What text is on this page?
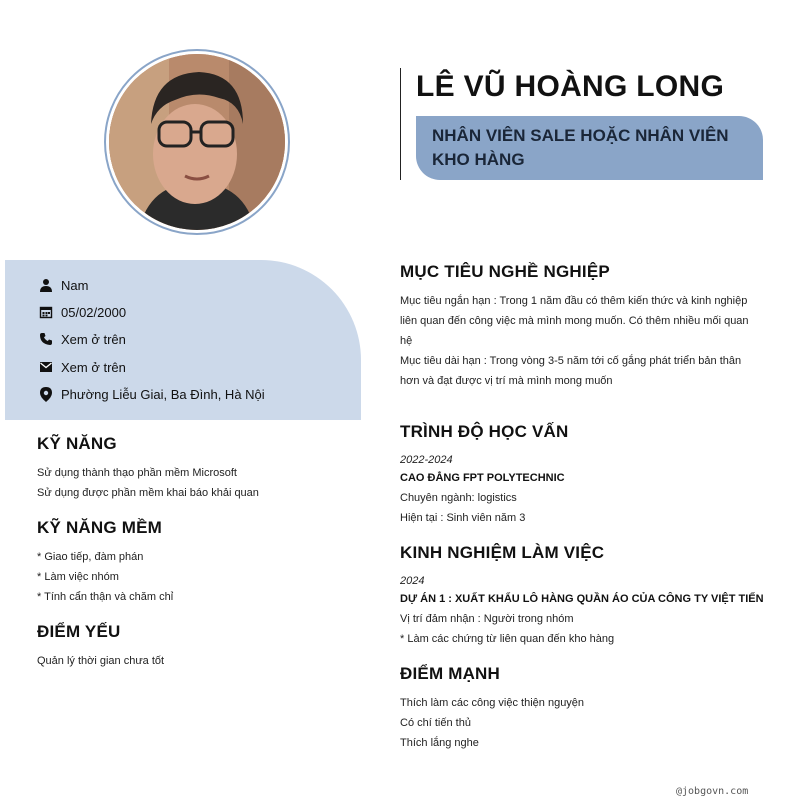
LÊ VŨ HOÀNG LONG
NHÂN VIÊN SALE HOẶC NHÂN VIÊN
KHO HÀNG
Nam
05/02/2000
Xem ở trên
Xem ở trên
Phường Liễu Giai, Ba Đình, Hà Nội
KỸ NĂNG
Sử dụng thành thạo phần mềm Microsoft
Sử dụng được phần mềm khai báo khải quan
KỸ NĂNG MỀM
* Giao tiếp, đàm phán
* Làm việc nhóm
* Tính cẩn thận và chăm chỉ
ĐIỂM YẾU
Quản lý thời gian chưa tốt
MỤC TIÊU NGHỀ NGHIỆP
Mục tiêu ngắn hạn : Trong 1 năm đầu có thêm kiến thức và kinh nghiệp
liên quan đến công việc mà mình mong muốn. Có thêm nhiều mối quan
hệ
Mục tiêu dài hạn : Trong vòng 3-5 năm tới cố gắng phát triển bản thân
hơn và đạt được vị trí mà mình mong muốn
TRÌNH ĐỘ HỌC VẤN
2022-2024
CAO ĐẲNG FPT POLYTECHNIC
Chuyên ngành: logistics
Hiện tại : Sinh viên năm 3
KINH NGHIỆM LÀM VIỆC
2024
DỰ ÁN 1 : XUẤT KHẨU LÔ HÀNG QUẦN ÁO CỦA CÔNG TY VIỆT TIẾN
Vị trí đảm nhận : Người trong nhóm
* Làm các chứng từ liên quan đến kho hàng
ĐIỂM MẠNH
Thích làm các công việc thiện nguyện
Có chí tiến thủ
Thích lắng nghe
@jobgovn.com
